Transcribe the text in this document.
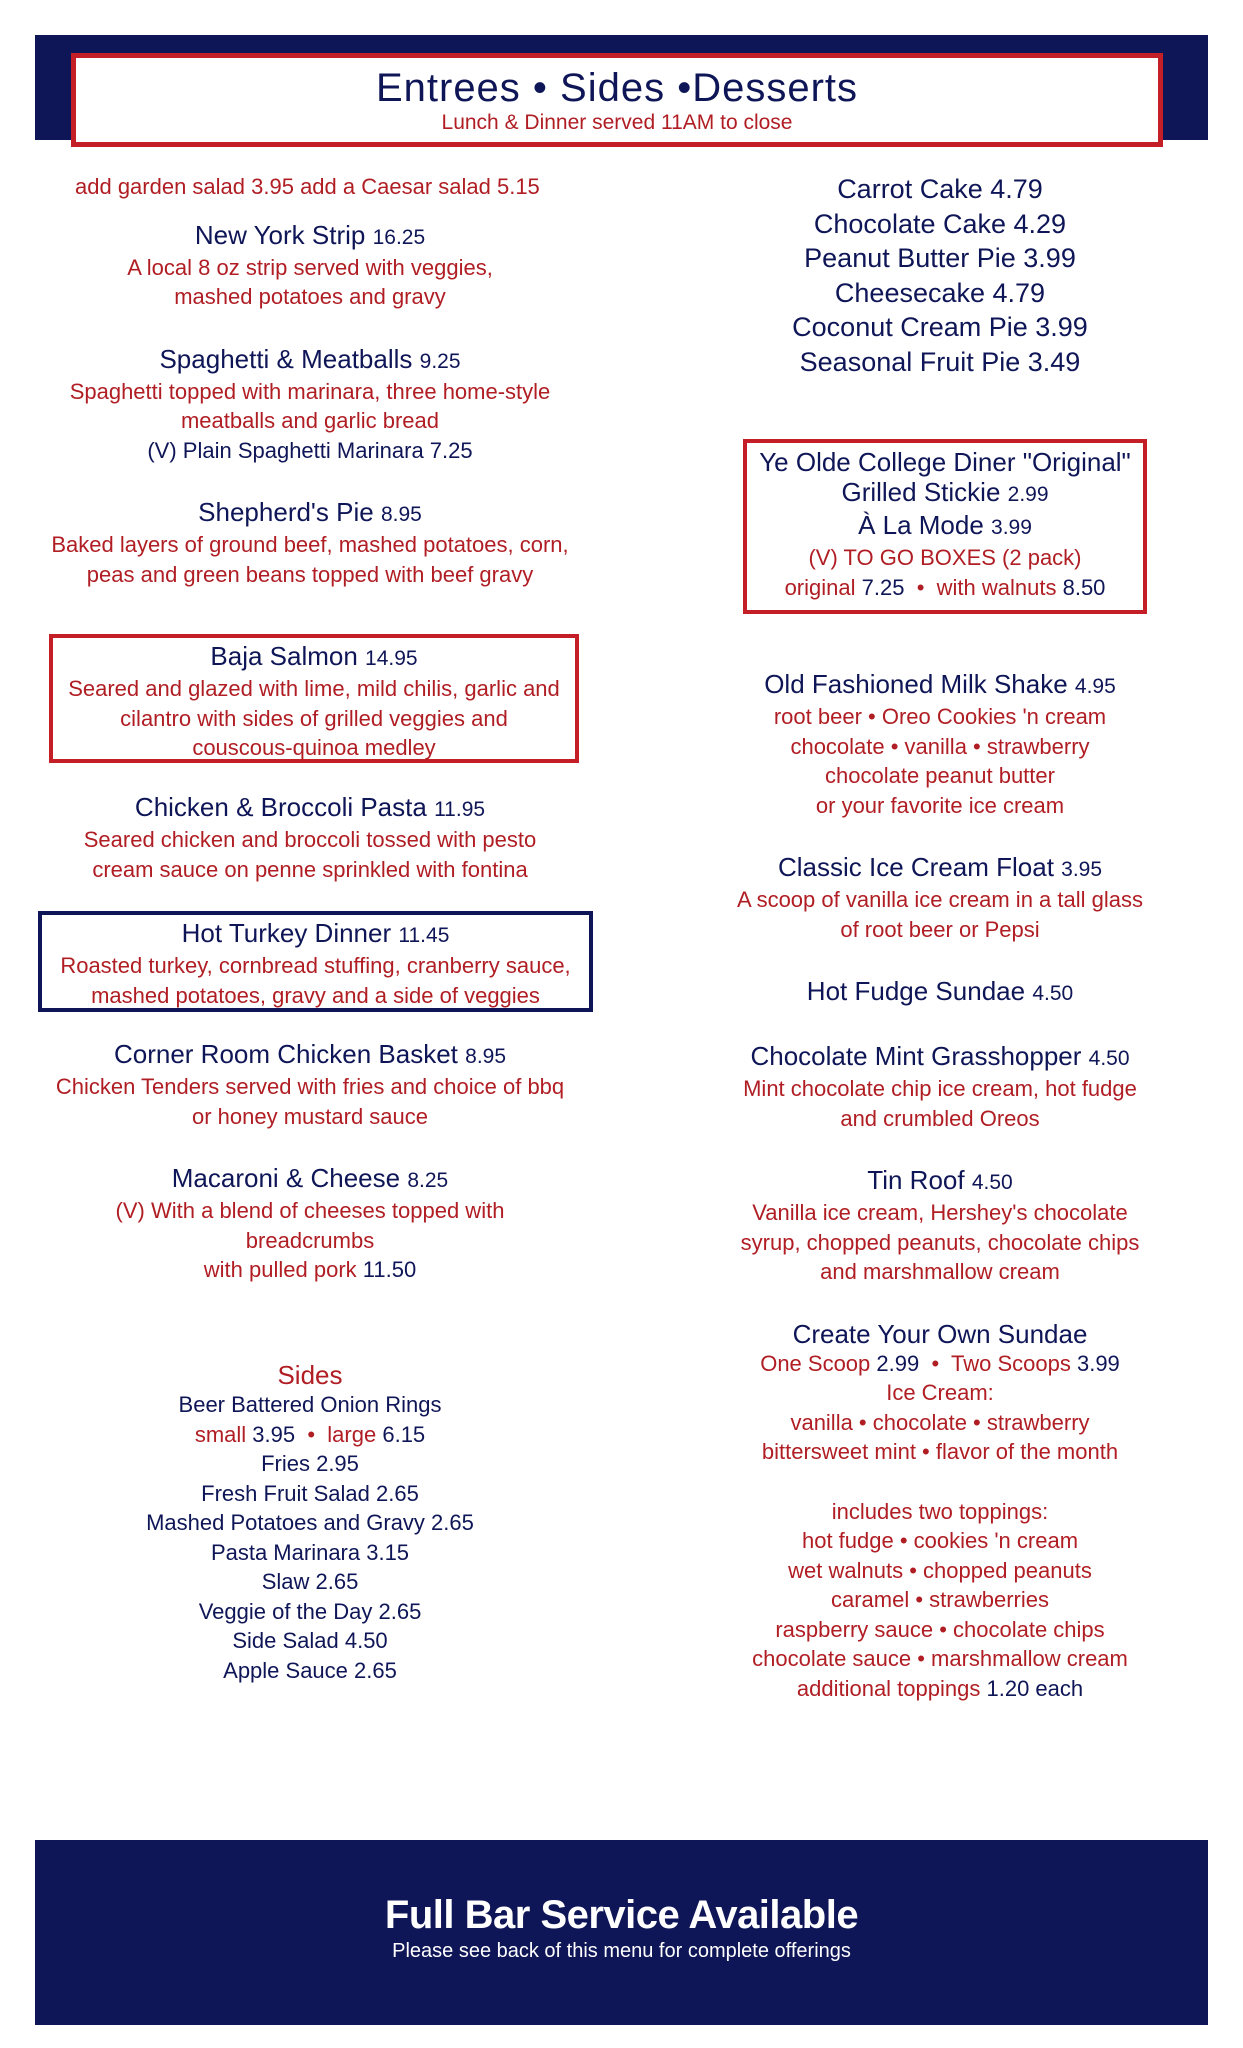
Entrees • Sides •Desserts
Lunch & Dinner served 11AM to close
add garden salad 3.95 add a Caesar salad 5.15
New York Strip 16.25
A local 8 oz strip served with veggies,
mashed potatoes and gravy
Spaghetti & Meatballs 9.25
Spaghetti topped with marinara, three home-style
meatballs and garlic bread
(V) Plain Spaghetti Marinara 7.25
Shepherd's Pie 8.95
Baked layers of ground beef, mashed potatoes, corn,
peas and green beans topped with beef gravy
Baja Salmon 14.95
Seared and glazed with lime, mild chilis, garlic and
cilantro with sides of grilled veggies and
couscous-quinoa medley
Chicken & Broccoli Pasta 11.95
Seared chicken and broccoli tossed with pesto
cream sauce on penne sprinkled with fontina
Hot Turkey Dinner 11.45
Roasted turkey, cornbread stuffing, cranberry sauce,
mashed potatoes, gravy and a side of veggies
Corner Room Chicken Basket 8.95
Chicken Tenders served with fries and choice of bbq
or honey mustard sauce
Macaroni & Cheese 8.25
(V) With a blend of cheeses topped with
breadcrumbs
with pulled pork 11.50
Sides
Beer Battered Onion Rings
small 3.95 • large 6.15
Fries 2.95
Fresh Fruit Salad 2.65
Mashed Potatoes and Gravy 2.65
Pasta Marinara 3.15
Slaw 2.65
Veggie of the Day 2.65
Side Salad 4.50
Apple Sauce 2.65
Carrot Cake 4.79
Chocolate Cake 4.29
Peanut Butter Pie 3.99
Cheesecake 4.79
Coconut Cream Pie 3.99
Seasonal Fruit Pie 3.49
Ye Olde College Diner "Original"
Grilled Stickie 2.99
À La Mode 3.99
(V) TO GO BOXES (2 pack)
original 7.25 • with walnuts 8.50
Old Fashioned Milk Shake 4.95
root beer • Oreo Cookies 'n cream
chocolate • vanilla • strawberry
chocolate peanut butter
or your favorite ice cream
Classic Ice Cream Float 3.95
A scoop of vanilla ice cream in a tall glass
of root beer or Pepsi
Hot Fudge Sundae 4.50
Chocolate Mint Grasshopper 4.50
Mint chocolate chip ice cream, hot fudge
and crumbled Oreos
Tin Roof 4.50
Vanilla ice cream, Hershey's chocolate
syrup, chopped peanuts, chocolate chips
and marshmallow cream
Create Your Own Sundae
One Scoop 2.99 • Two Scoops 3.99
Ice Cream:
vanilla • chocolate • strawberry
bittersweet mint • flavor of the month
includes two toppings:
hot fudge • cookies 'n cream
wet walnuts • chopped peanuts
caramel • strawberries
raspberry sauce • chocolate chips
chocolate sauce • marshmallow cream
additional toppings 1.20 each
Full Bar Service Available
Please see back of this menu for complete offerings
